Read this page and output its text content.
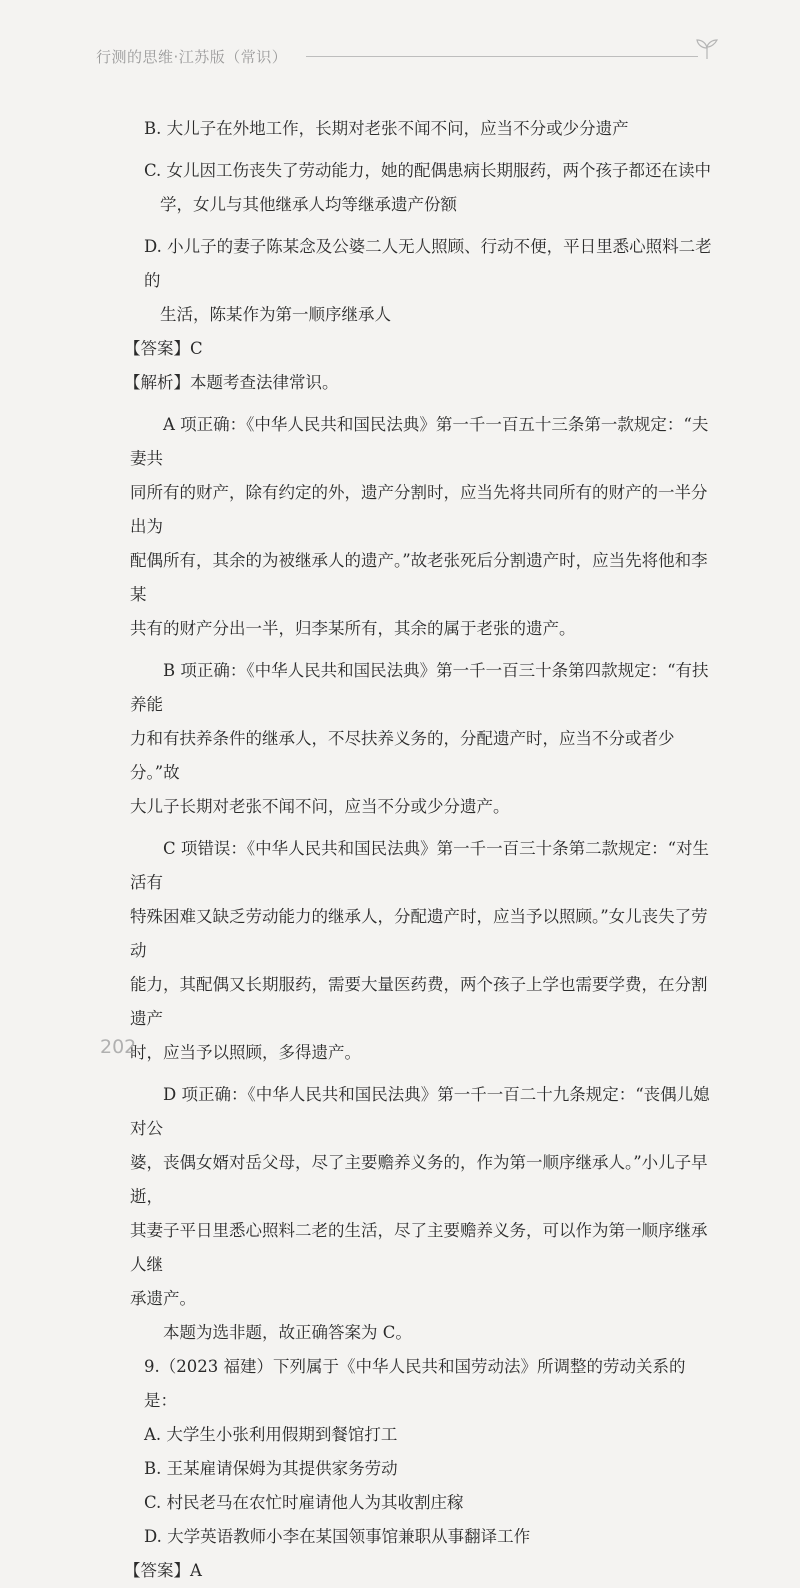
行测的思维·江苏版（常识）

B. 大儿子在外地工作，长期对老张不闻不问，应当不分或少分遗产

C. 女儿因工伤丧失了劳动能力，她的配偶患病长期服药，两个孩子都还在读中
学，女儿与其他继承人均等继承遗产份额

D. 小儿子的妻子陈某念及公婆二人无人照顾、行动不便，平日里悉心照料二老的
生活，陈某作为第一顺序继承人

【答案】C

【解析】本题考查法律常识。

A 项正确：《中华人民共和国民法典》第一千一百五十三条第一款规定：“夫妻共
同所有的财产，除有约定的外，遗产分割时，应当先将共同所有的财产的一半分出为
配偶所有，其余的为被继承人的遗产。”故老张死后分割遗产时，应当先将他和李某
共有的财产分出一半，归李某所有，其余的属于老张的遗产。
B 项正确：《中华人民共和国民法典》第一千一百三十条第四款规定：“有扶养能
力和有扶养条件的继承人，不尽扶养义务的，分配遗产时，应当不分或者少分。”故
大儿子长期对老张不闻不问，应当不分或少分遗产。
C 项错误：《中华人民共和国民法典》第一千一百三十条第二款规定：“对生活有
特殊困难又缺乏劳动能力的继承人，分配遗产时，应当予以照顾。”女儿丧失了劳动
能力，其配偶又长期服药，需要大量医药费，两个孩子上学也需要学费，在分割遗产
时，应当予以照顾，多得遗产。
D 项正确：《中华人民共和国民法典》第一千一百二十九条规定：“丧偶儿媳对公
婆，丧偶女婿对岳父母，尽了主要赡养义务的，作为第一顺序继承人。”小儿子早逝，
其妻子平日里悉心照料二老的生活，尽了主要赡养义务，可以作为第一顺序继承人继
承遗产。

本题为选非题，故正确答案为 C。

9.（2023 福建）下列属于《中华人民共和国劳动法》所调整的劳动关系的是：

A. 大学生小张利用假期到餐馆打工

B. 王某雇请保姆为其提供家务劳动

C. 村民老马在农忙时雇请他人为其收割庄稼

D. 大学英语教师小李在某国领事馆兼职从事翻译工作

【答案】A

202
